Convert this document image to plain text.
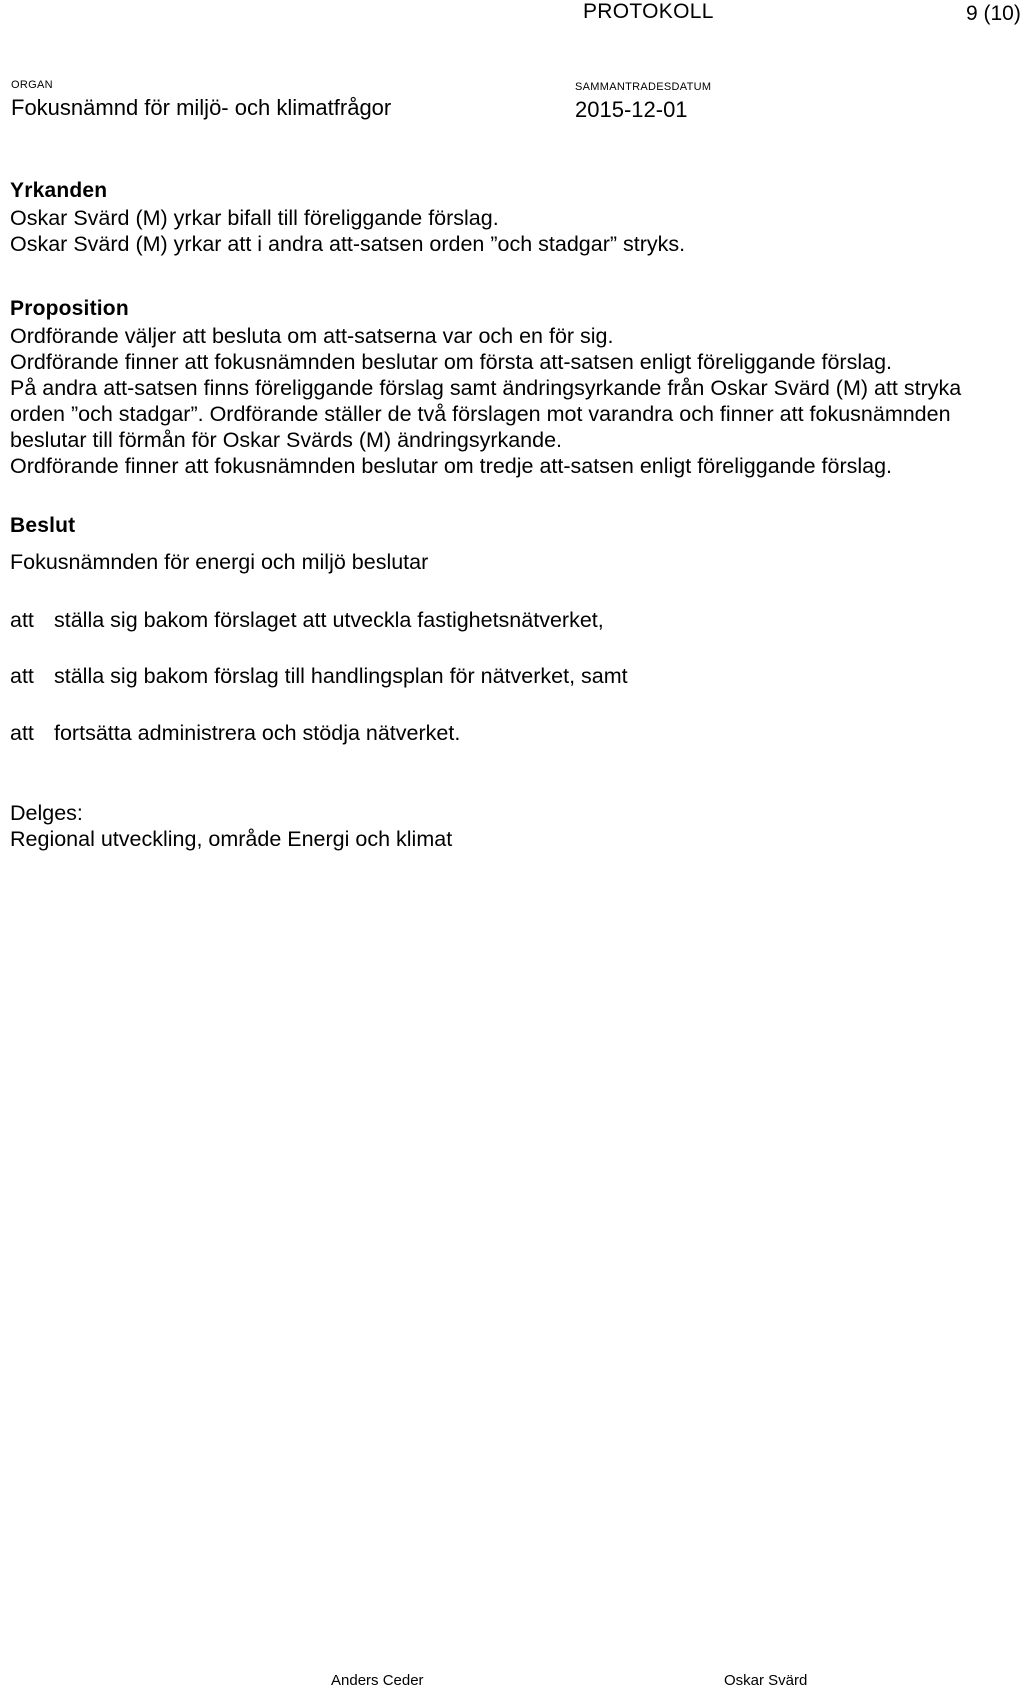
PROTOKOLL	9 (10)
ORGAN	SAMMANTRADESDATUM
Fokusnämnd för miljö- och klimatfrågor	2015-12-01
Yrkanden
Oskar Svärd (M) yrkar bifall till föreliggande förslag.
Oskar Svärd (M) yrkar att i andra att-satsen orden ”och stadgar” stryks.
Proposition
Ordförande väljer att besluta om att-satserna var och en för sig.
Ordförande finner att fokusnämnden beslutar om första att-satsen enligt föreliggande förslag.
På andra att-satsen finns föreliggande förslag samt ändringsyrkande från Oskar Svärd (M) att stryka orden ”och stadgar”. Ordförande ställer de två förslagen mot varandra och finner att fokusnämnden beslutar till förmån för Oskar Svärds (M) ändringsyrkande.
Ordförande finner att fokusnämnden beslutar om tredje att-satsen enligt föreliggande förslag.
Beslut
Fokusnämnden för energi och miljö beslutar
att ställa sig bakom förslaget att utveckla fastighetsnätverket,
att ställa sig bakom förslag till handlingsplan för nätverket, samt
att fortsätta administrera och stödja nätverket.
Delges:
Regional utveckling, område Energi och klimat
Anders Ceder	Oskar Svärd
